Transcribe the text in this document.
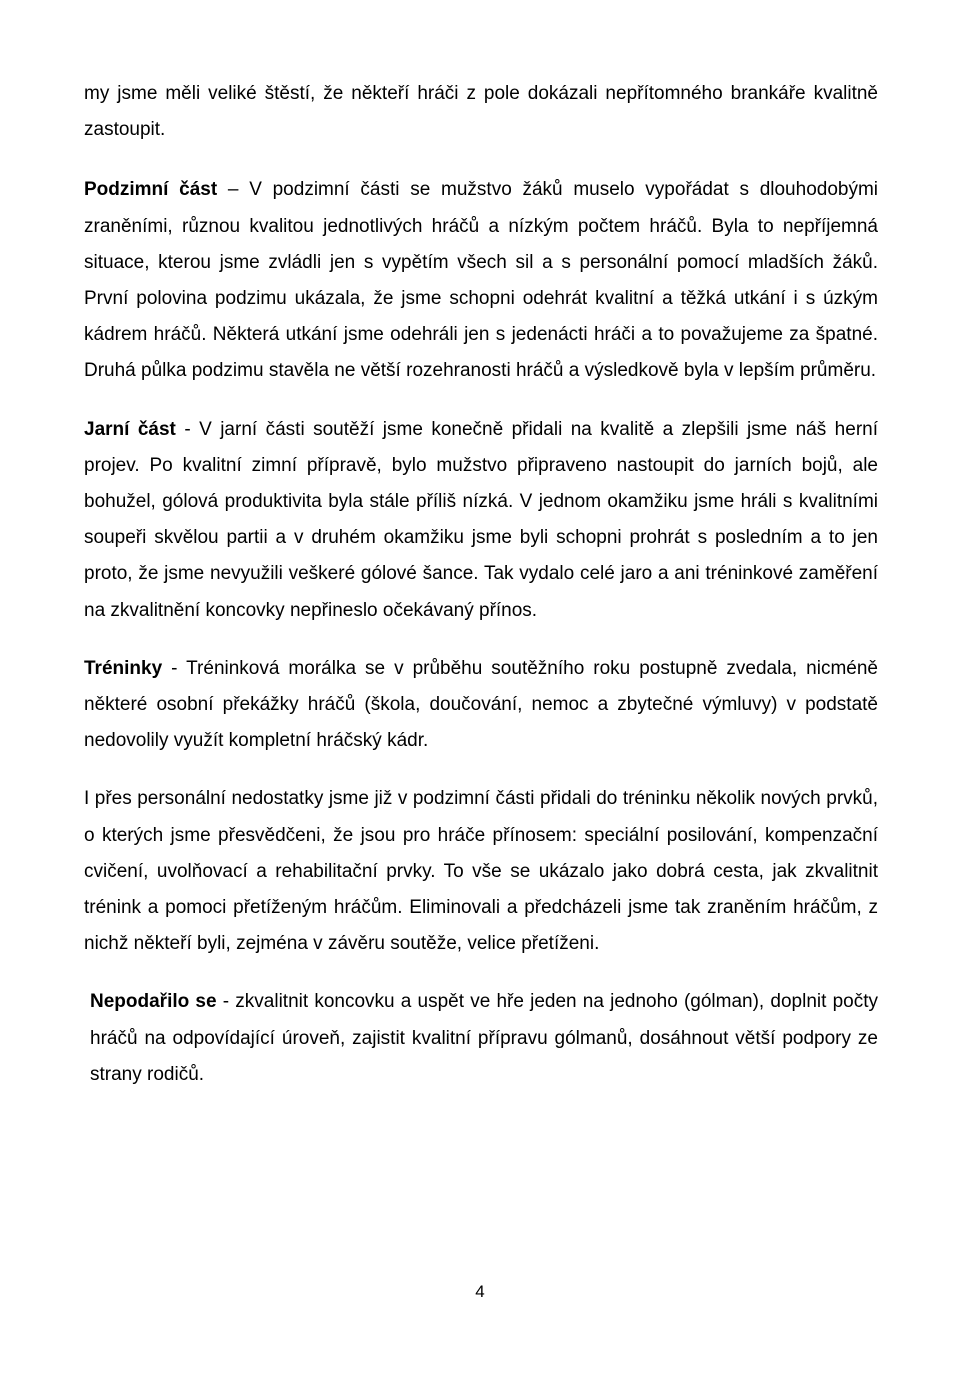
my jsme měli veliké štěstí, že někteří hráči z pole dokázali nepřítomného brankáře kvalitně zastoupit.

Podzimní část – V podzimní části se mužstvo žáků muselo vypořádat s dlouhodobými zraněními, různou kvalitou jednotlivých hráčů a nízkým počtem hráčů. Byla to nepříjemná situace, kterou jsme zvládli jen s vypětím všech sil a s personální pomocí mladších žáků. První polovina podzimu ukázala, že jsme schopni odehrát kvalitní a těžká utkání i s úzkým kádrem hráčů. Některá utkání jsme odehráli jen s jedenácti hráči a to považujeme za špatné. Druhá půlka podzimu stavěla ne větší rozehranosti hráčů a výsledkově byla v lepším průměru.

Jarní část - V jarní části soutěží jsme konečně přidali na kvalitě a zlepšili jsme náš herní projev. Po kvalitní zimní přípravě, bylo mužstvo připraveno nastoupit do jarních bojů, ale bohužel, gólová produktivita byla stále příliš nízká. V jednom okamžiku jsme hráli s kvalitními soupeři skvělou partii a v druhém okamžiku jsme byli schopni prohrát s posledním a to jen proto, že jsme nevyužili veškeré gólové šance. Tak vydalo celé jaro a ani tréninkové zaměření na zkvalitnění koncovky nepřineslo očekávaný přínos.

Tréninky - Tréninková morálka se v průběhu soutěžního roku postupně zvedala, nicméně některé osobní překážky hráčů (škola, doučování, nemoc a zbytečné výmluvy) v podstatě nedovolily využít kompletní hráčský kádr.

I přes personální nedostatky jsme již v podzimní části přidali do tréninku několik nových prvků, o kterých jsme přesvědčeni, že jsou pro hráče přínosem: speciální posilování, kompenzační cvičení, uvolňovací a rehabilitační prvky. To vše se ukázalo jako dobrá cesta, jak zkvalitnit trénink a pomoci přetíženým hráčům. Eliminovali a předcházeli jsme tak zraněním hráčům, z nichž někteří byli, zejména v závěru soutěže, velice přetíženi.

Nepodařilo se - zkvalitnit koncovku a uspět ve hře jeden na jednoho (gólman), doplnit počty hráčů na odpovídající úroveň, zajistit kvalitní přípravu gólmanů, dosáhnout větší podpory ze strany rodičů.

4
